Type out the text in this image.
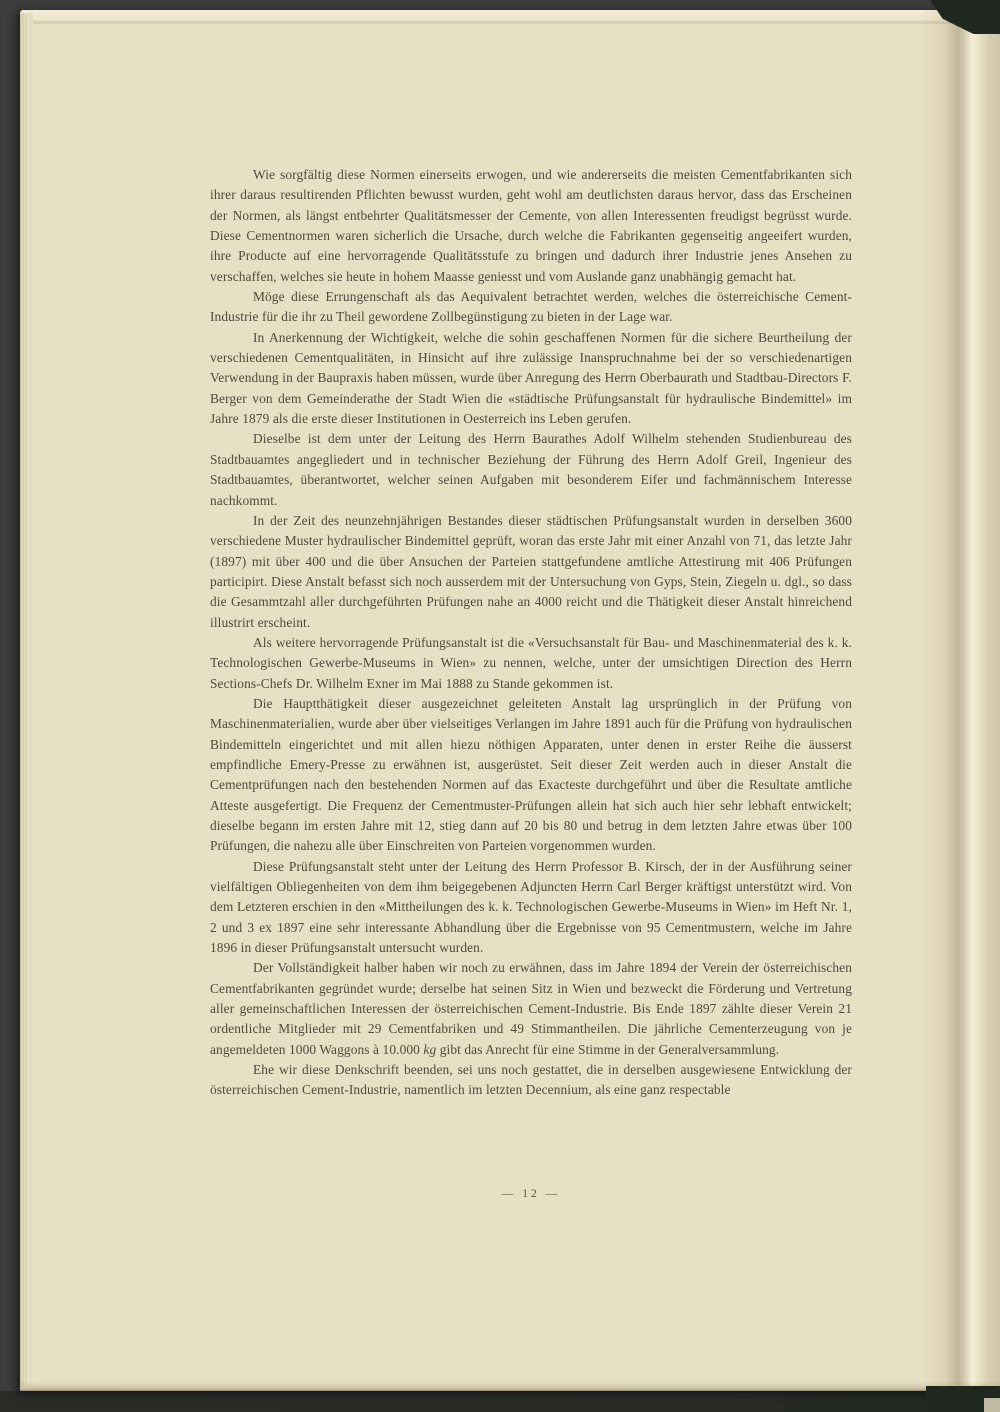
Wie sorgfältig diese Normen einerseits erwogen, und wie andererseits die meisten Cementfabrikanten sich ihrer daraus resultirenden Pflichten bewusst wurden, geht wohl am deutlichsten daraus hervor, dass das Erscheinen der Normen, als längst entbehrter Qualitätsmesser der Cemente, von allen Interessenten freudigst begrüsst wurde. Diese Cementnormen waren sicherlich die Ursache, durch welche die Fabrikanten gegenseitig angeeifert wurden, ihre Producte auf eine hervorragende Qualitätsstufe zu bringen und dadurch ihrer Industrie jenes Ansehen zu verschaffen, welches sie heute in hohem Maasse geniesst und vom Auslande ganz unabhängig gemacht hat.

Möge diese Errungenschaft als das Aequivalent betrachtet werden, welches die österreichische Cement-Industrie für die ihr zu Theil gewordene Zollbegünstigung zu bieten in der Lage war.

In Anerkennung der Wichtigkeit, welche die sohin geschaffenen Normen für die sichere Beurtheilung der verschiedenen Cementqualitäten, in Hinsicht auf ihre zulässige Inanspruchnahme bei der so verschiedenartigen Verwendung in der Baupraxis haben müssen, wurde über Anregung des Herrn Oberbaurath und Stadtbau-Directors F. Berger von dem Gemeinderathe der Stadt Wien die «städtische Prüfungsanstalt für hydraulische Bindemittel» im Jahre 1879 als die erste dieser Institutionen in Oesterreich ins Leben gerufen.

Dieselbe ist dem unter der Leitung des Herrn Baurathes Adolf Wilhelm stehenden Studienbureau des Stadtbauamtes angegliedert und in technischer Beziehung der Führung des Herrn Adolf Greil, Ingenieur des Stadtbauamtes, überantwortet, welcher seinen Aufgaben mit besonderem Eifer und fachmännischem Interesse nachkommt.

In der Zeit des neunzehnjährigen Bestandes dieser städtischen Prüfungsanstalt wurden in derselben 3600 verschiedene Muster hydraulischer Bindemittel geprüft, woran das erste Jahr mit einer Anzahl von 71, das letzte Jahr (1897) mit über 400 und die über Ansuchen der Parteien stattgefundene amtliche Attestirung mit 406 Prüfungen participirt. Diese Anstalt befasst sich noch ausserdem mit der Untersuchung von Gyps, Stein, Ziegeln u. dgl., so dass die Gesammtzahl aller durchgeführten Prüfungen nahe an 4000 reicht und die Thätigkeit dieser Anstalt hinreichend illustrirt erscheint.

Als weitere hervorragende Prüfungsanstalt ist die «Versuchsanstalt für Bau- und Maschinenmaterial des k. k. Technologischen Gewerbe-Museums in Wien» zu nennen, welche, unter der umsichtigen Direction des Herrn Sections-Chefs Dr. Wilhelm Exner im Mai 1888 zu Stande gekommen ist.

Die Hauptthätigkeit dieser ausgezeichnet geleiteten Anstalt lag ursprünglich in der Prüfung von Maschinenmaterialien, wurde aber über vielseitiges Verlangen im Jahre 1891 auch für die Prüfung von hydraulischen Bindemitteln eingerichtet und mit allen hiezu nöthigen Apparaten, unter denen in erster Reihe die äusserst empfindliche Emery-Presse zu erwähnen ist, ausgerüstet. Seit dieser Zeit werden auch in dieser Anstalt die Cementprüfungen nach den bestehenden Normen auf das Exacteste durchgeführt und über die Resultate amtliche Atteste ausgefertigt. Die Frequenz der Cementmuster-Prüfungen allein hat sich auch hier sehr lebhaft entwickelt; dieselbe begann im ersten Jahre mit 12, stieg dann auf 20 bis 80 und betrug in dem letzten Jahre etwas über 100 Prüfungen, die nahezu alle über Einschreiten von Parteien vorgenommen wurden.

Diese Prüfungsanstalt steht unter der Leitung des Herrn Professor B. Kirsch, der in der Ausführung seiner vielfältigen Obliegenheiten von dem ihm beigegebenen Adjuncten Herrn Carl Berger kräftigst unterstützt wird. Von dem Letzteren erschien in den «Mittheilungen des k. k. Technologischen Gewerbe-Museums in Wien» im Heft Nr. 1, 2 und 3 ex 1897 eine sehr interessante Abhandlung über die Ergebnisse von 95 Cementmustern, welche im Jahre 1896 in dieser Prüfungsanstalt untersucht wurden.

Der Vollständigkeit halber haben wir noch zu erwähnen, dass im Jahre 1894 der Verein der österreichischen Cementfabrikanten gegründet wurde; derselbe hat seinen Sitz in Wien und bezweckt die Förderung und Vertretung aller gemeinschaftlichen Interessen der österreichischen Cement-Industrie. Bis Ende 1897 zählte dieser Verein 21 ordentliche Mitglieder mit 29 Cementfabriken und 49 Stimmantheilen. Die jährliche Cementerzeugung von je angemeldeten 1000 Waggons à 10.000 kg gibt das Anrecht für eine Stimme in der Generalversammlung.

Ehe wir diese Denkschrift beenden, sei uns noch gestattet, die in derselben ausgewiesene Entwicklung der österreichischen Cement-Industrie, namentlich im letzten Decennium, als eine ganz respectable

— 12 —
